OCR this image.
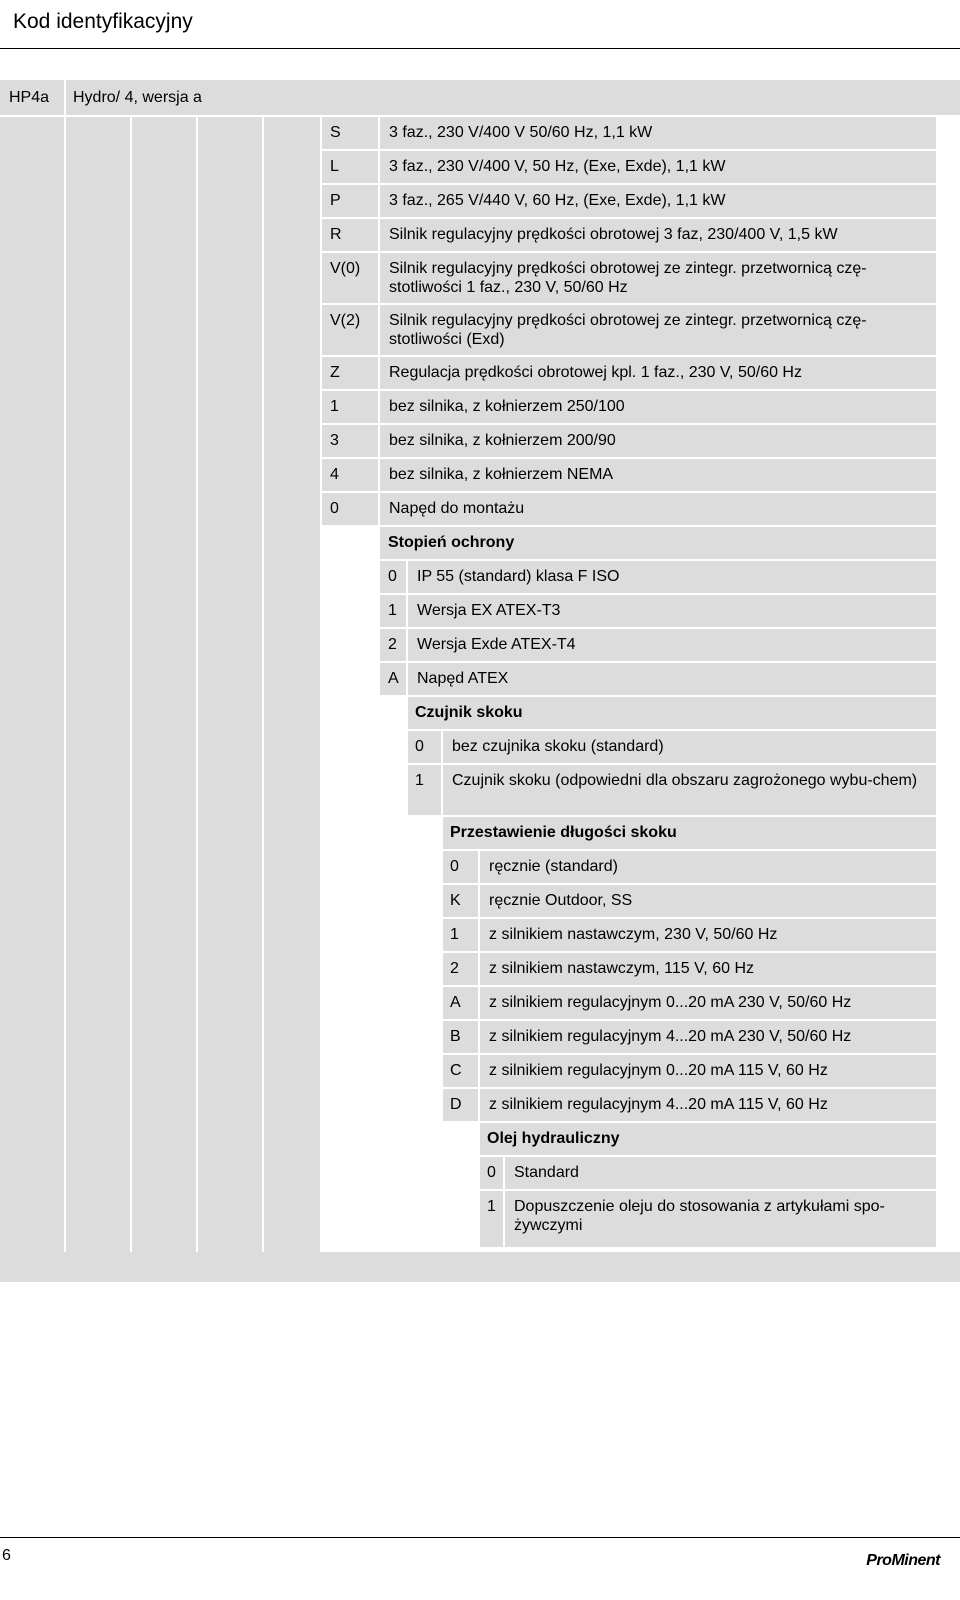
Kod identyfikacyjny
HP4a	Hydro/ 4, wersja a
S	3 faz., 230 V/400 V 50/60 Hz, 1,1 kW
L	3 faz., 230 V/400 V, 50 Hz, (Exe, Exde), 1,1 kW
P	3 faz., 265 V/440 V, 60 Hz, (Exe, Exde), 1,1 kW
R	Silnik regulacyjny prędkości obrotowej 3 faz, 230/400 V, 1,5 kW
V(0)	Silnik regulacyjny prędkości obrotowej ze zintegr. przetwornicą czę-stotliwości 1 faz., 230 V, 50/60 Hz
V(2)	Silnik regulacyjny prędkości obrotowej ze zintegr. przetwornicą czę-stotliwości (Exd)
Z	Regulacja prędkości obrotowej kpl. 1 faz., 230 V, 50/60 Hz
1	bez silnika, z kołnierzem 250/100
3	bez silnika, z kołnierzem 200/90
4	bez silnika, z kołnierzem NEMA
0	Napęd do montażu
Stopień ochrony
0	IP 55 (standard) klasa F ISO
1	Wersja EX ATEX-T3
2	Wersja Exde ATEX-T4
A	Napęd ATEX
Czujnik skoku
0	bez czujnika skoku (standard)
1	Czujnik skoku (odpowiedni dla obszaru zagrożonego wybu-chem)
Przestawienie długości skoku
0	ręcznie (standard)
K	ręcznie Outdoor, SS
1	z silnikiem nastawczym, 230 V, 50/60 Hz
2	z silnikiem nastawczym, 115 V, 60 Hz
A	z silnikiem regulacyjnym 0...20 mA 230 V, 50/60 Hz
B	z silnikiem regulacyjnym 4...20 mA 230 V, 50/60 Hz
C	z silnikiem regulacyjnym 0...20 mA 115 V, 60 Hz
D	z silnikiem regulacyjnym 4...20 mA 115 V, 60 Hz
Olej hydrauliczny
0	Standard
1	Dopuszczenie oleju do stosowania z artykułami spo-żywczymi
6	ProMinent
